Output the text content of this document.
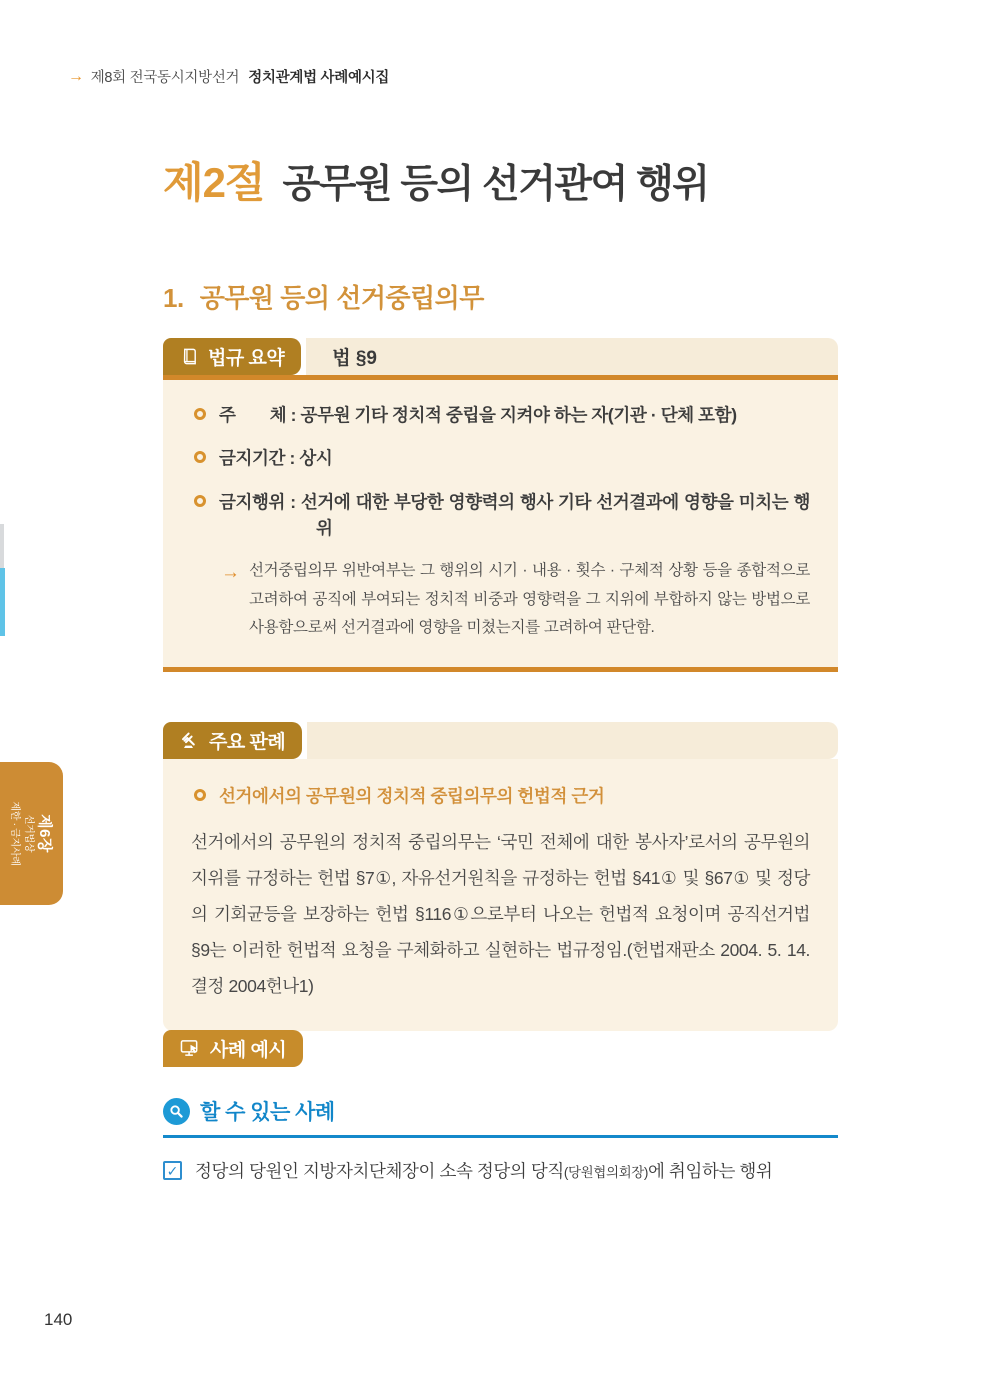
→ 제8회 전국동시지방선거 정치관계법 사례예시집
제2절 공무원 등의 선거관여 행위
1. 공무원 등의 선거중립의무
법규 요약	법 §9
주　　체 : 공무원 기타 정치적 중립을 지켜야 하는 자(기관 · 단체 포함)
금지기간 : 상시
금지행위 : 선거에 대한 부당한 영향력의 행사 기타 선거결과에 영향을 미치는 행위
→ 선거중립의무 위반여부는 그 행위의 시기 · 내용 · 횟수 · 구체적 상황 등을 종합적으로 고려하여 공직에 부여되는 정치적 비중과 영향력을 그 지위에 부합하지 않는 방법으로 사용함으로써 선거결과에 영향을 미쳤는지를 고려하여 판단함.
주요 판례
선거에서의 공무원의 정치적 중립의무의 헌법적 근거
선거에서의 공무원의 정치적 중립의무는 ‘국민 전체에 대한 봉사자’로서의 공무원의 지위를 규정하는 헌법 §7①, 자유선거원칙을 규정하는 헌법 §41① 및 §67① 및 정당의 기회균등을 보장하는 헌법 §116①으로부터 나오는 헌법적 요청이며 공직선거법 §9는 이러한 헌법적 요청을 구체화하고 실현하는 법규정임.(헌법재판소 2004. 5. 14. 결정 2004헌나1)
사례 예시
할 수 있는 사례
✓ 정당의 당원인 지방자치단체장이 소속 정당의 당직(당원협의회장)에 취임하는 행위
제6장
선거법상
제한 · 금지사례
140
